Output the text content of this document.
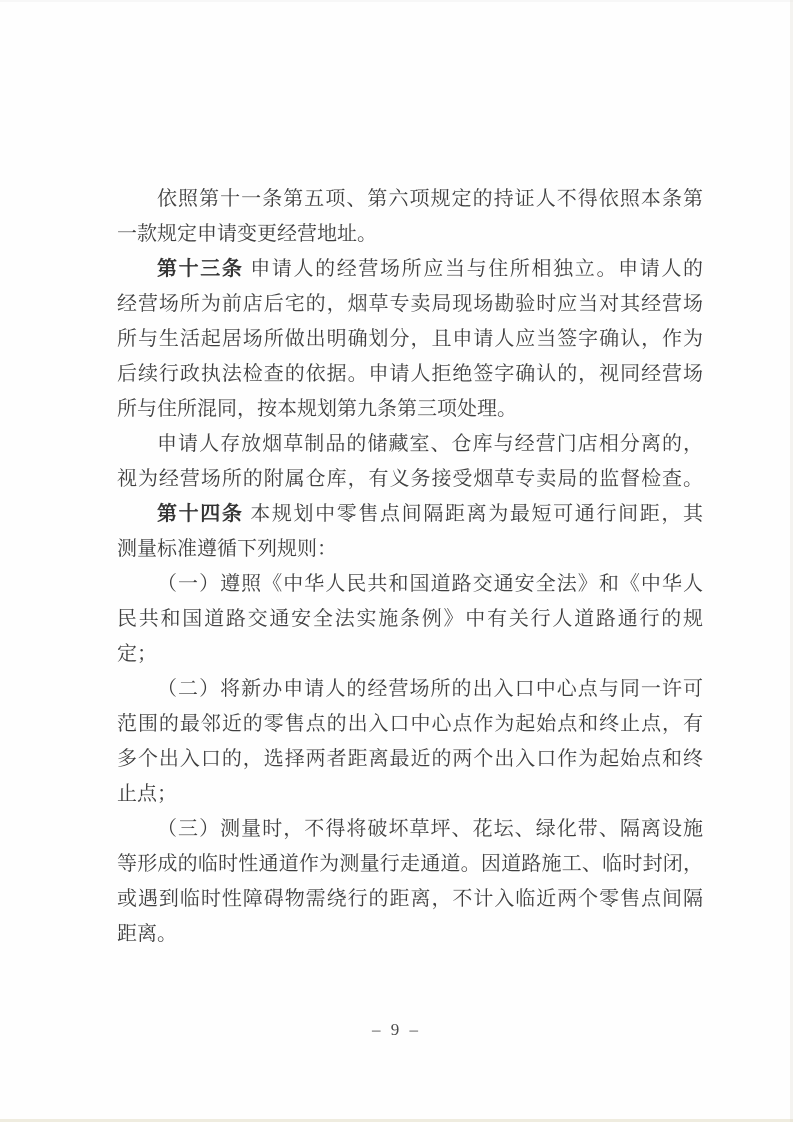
依照第十一条第五项、第六项规定的持证人不得依照本条第
一款规定申请变更经营地址。
第十三条 申请人的经营场所应当与住所相独立。申请人的
经营场所为前店后宅的，烟草专卖局现场勘验时应当对其经营场
所与生活起居场所做出明确划分，且申请人应当签字确认，作为
后续行政执法检查的依据。申请人拒绝签字确认的，视同经营场
所与住所混同，按本规划第九条第三项处理。
申请人存放烟草制品的储藏室、仓库与经营门店相分离的，
视为经营场所的附属仓库，有义务接受烟草专卖局的监督检查。
第十四条 本规划中零售点间隔距离为最短可通行间距，其
测量标准遵循下列规则：
（一）遵照《中华人民共和国道路交通安全法》和《中华人
民共和国道路交通安全法实施条例》中有关行人道路通行的规
定；
（二）将新办申请人的经营场所的出入口中心点与同一许可
范围的最邻近的零售点的出入口中心点作为起始点和终止点，有
多个出入口的，选择两者距离最近的两个出入口作为起始点和终
止点；
（三）测量时，不得将破坏草坪、花坛、绿化带、隔离设施
等形成的临时性通道作为测量行走通道。因道路施工、临时封闭，
或遇到临时性障碍物需绕行的距离，不计入临近两个零售点间隔
距离。
– 9 –
